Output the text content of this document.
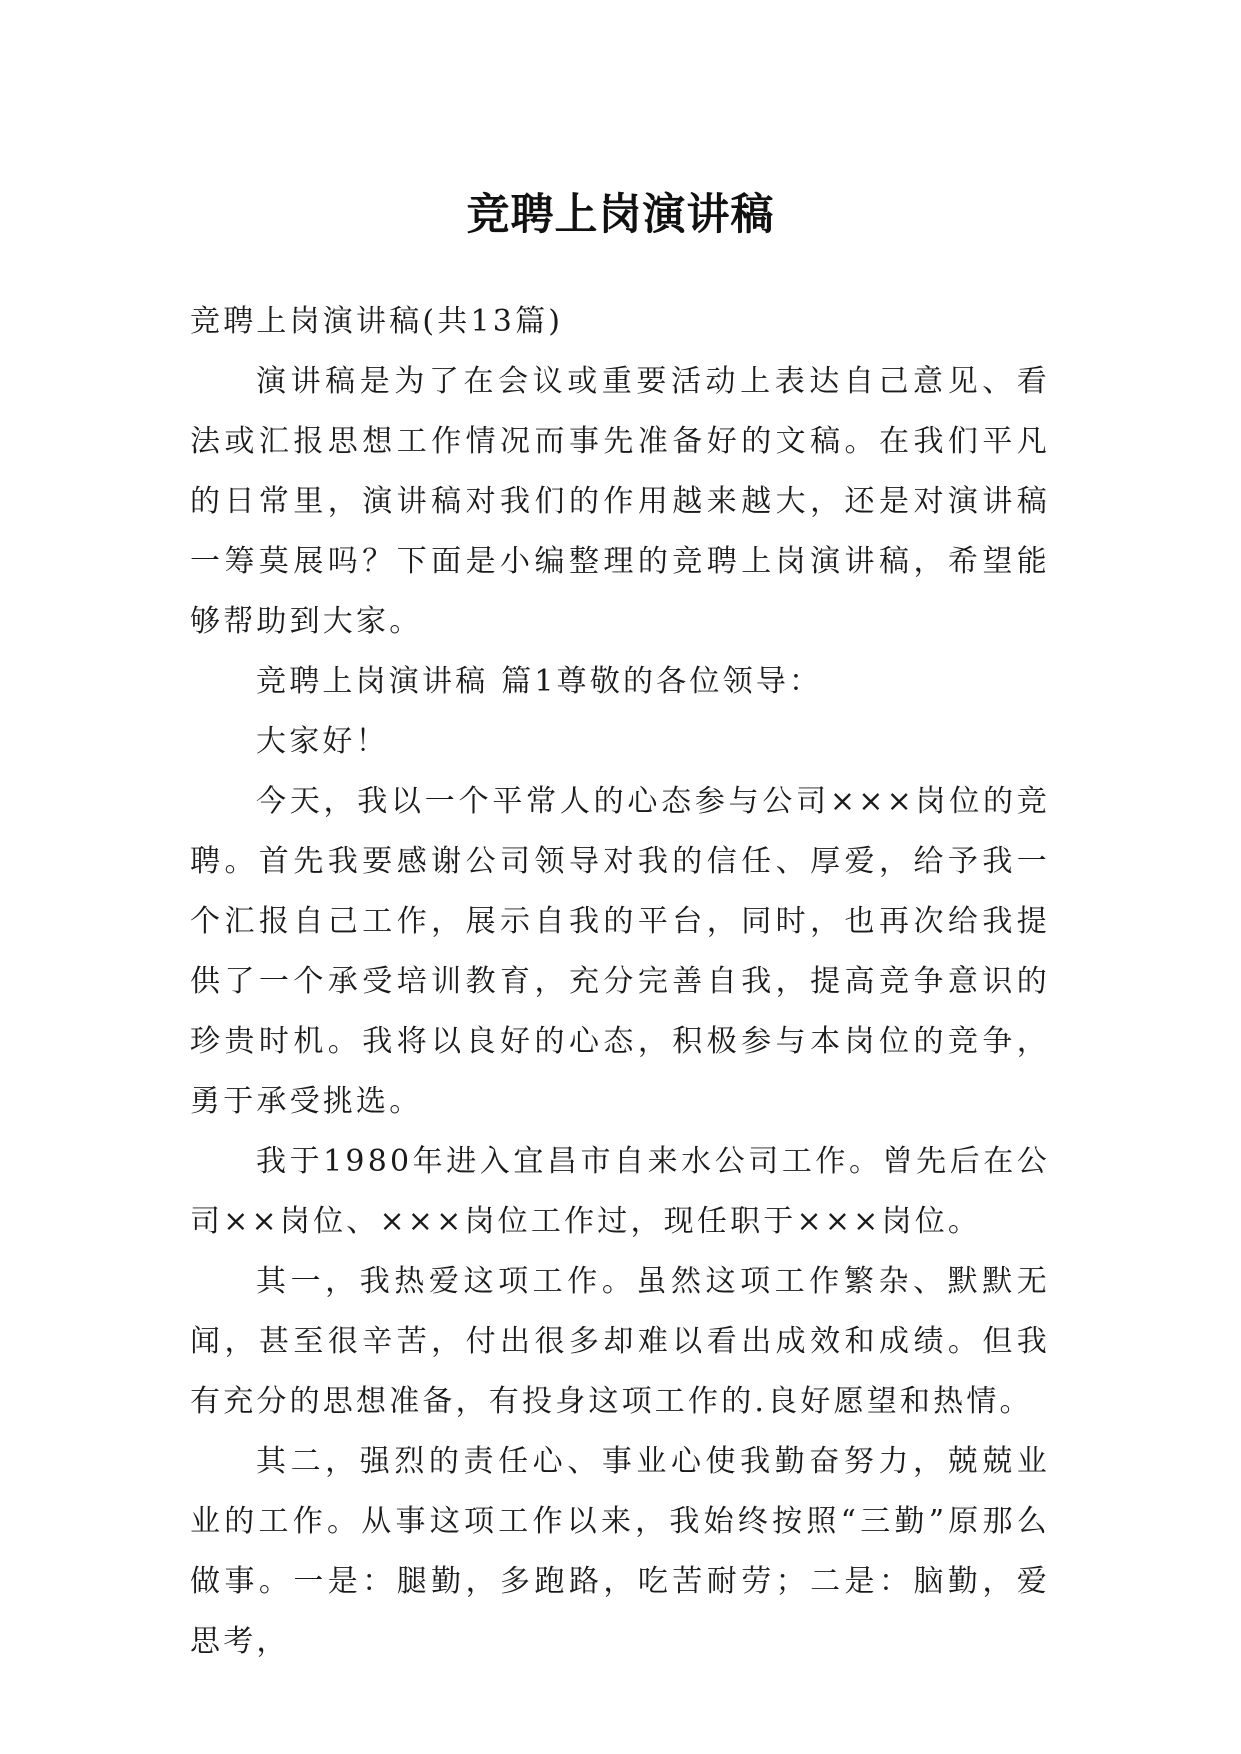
竞聘上岗演讲稿

竞聘上岗演讲稿(共13篇)

演讲稿是为了在会议或重要活动上表达自己意见、看法或汇报思想工作情况而事先准备好的文稿。在我们平凡的日常里，演讲稿对我们的作用越来越大，还是对演讲稿一筹莫展吗？下面是小编整理的竞聘上岗演讲稿，希望能够帮助到大家。

竞聘上岗演讲稿 篇1尊敬的各位领导：

大家好！

今天，我以一个平常人的心态参与公司×××岗位的竞聘。首先我要感谢公司领导对我的信任、厚爱，给予我一个汇报自己工作，展示自我的平台，同时，也再次给我提供了一个承受培训教育，充分完善自我，提高竞争意识的珍贵时机。我将以良好的心态，积极参与本岗位的竞争，勇于承受挑选。

我于1980年进入宜昌市自来水公司工作。曾先后在公司××岗位、×××岗位工作过，现任职于×××岗位。

其一，我热爱这项工作。虽然这项工作繁杂、默默无闻，甚至很辛苦，付出很多却难以看出成效和成绩。但我有充分的思想准备，有投身这项工作的.良好愿望和热情。

其二，强烈的责任心、事业心使我勤奋努力，兢兢业业的工作。从事这项工作以来，我始终按照“三勤”原那么做事。一是：腿勤，多跑路，吃苦耐劳；二是：脑勤，爱思考，
